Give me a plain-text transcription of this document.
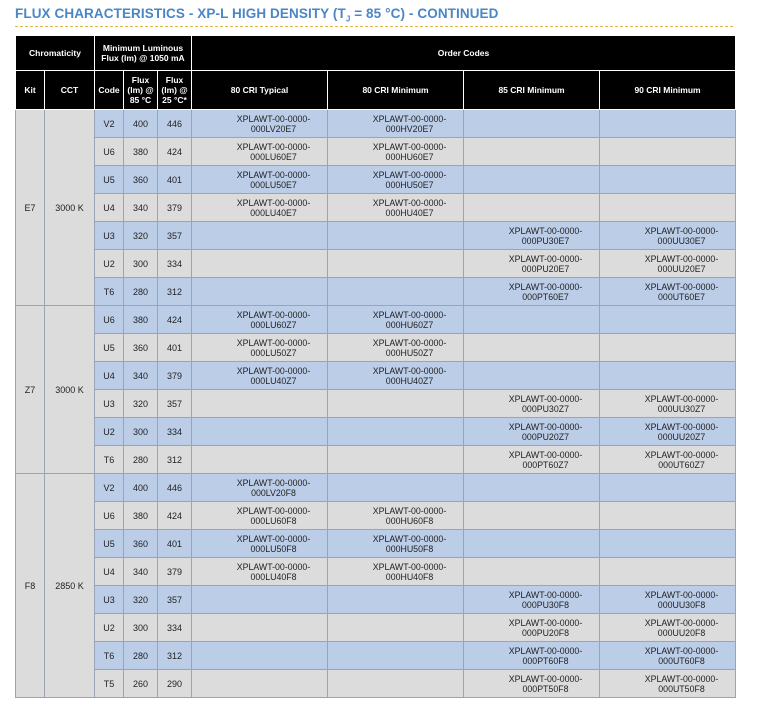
FLUX CHARACTERISTICS - XP-L HIGH DENSITY ($T_J = 85$ °C) - CONTINUED
Chromaticity		Minimum Luminous Flux (lm) @ 1050 mA			Order Codes			
Kit	CCT	Code	Flux (lm) @ 85 °C	Flux (lm) @ 25 °C*	80 CRI Typical	80 CRI Minimum	85 CRI Minimum	90 CRI Minimum
E7	3000 K	V2	400	446	XPLAWT-00-0000-000LV20E7	XPLAWT-00-0000-000HV20E7		

		U6	380	424	XPLAWT-00-0000-000LU60E7	XPLAWT-00-0000-000HU60E7		

		U5	360	401	XPLAWT-00-0000-000LU50E7	XPLAWT-00-0000-000HU50E7		

		U4	340	379	XPLAWT-00-0000-000LU40E7	XPLAWT-00-0000-000HU40E7		

		U3	320	357			XPLAWT-00-0000-000PU30E7	XPLAWT-00-0000-000UU30E7

		U2	300	334			XPLAWT-00-0000-000PU20E7	XPLAWT-00-0000-000UU20E7

		T6	280	312			XPLAWT-00-0000-000PT60E7	XPLAWT-00-0000-000UT60E7

Z7	3000 K	U6	380	424	XPLAWT-00-0000-000LU60Z7	XPLAWT-00-0000-000HU60Z7		

		U5	360	401	XPLAWT-00-0000-000LU50Z7	XPLAWT-00-0000-000HU50Z7		

		U4	340	379	XPLAWT-00-0000-000LU40Z7	XPLAWT-00-0000-000HU40Z7		

		U3	320	357			XPLAWT-00-0000-000PU30Z7	XPLAWT-00-0000-000UU30Z7

		U2	300	334			XPLAWT-00-0000-000PU20Z7	XPLAWT-00-0000-000UU20Z7

		T6	280	312			XPLAWT-00-0000-000PT60Z7	XPLAWT-00-0000-000UT60Z7

F8	2850 K	V2	400	446	XPLAWT-00-0000-000LV20F8			

		U6	380	424	XPLAWT-00-0000-000LU60F8	XPLAWT-00-0000-000HU60F8		

		U5	360	401	XPLAWT-00-0000-000LU50F8	XPLAWT-00-0000-000HU50F8		

		U4	340	379	XPLAWT-00-0000-000LU40F8	XPLAWT-00-0000-000HU40F8		

		U3	320	357			XPLAWT-00-0000-000PU30F8	XPLAWT-00-0000-000UU30F8

		U2	300	334			XPLAWT-00-0000-000PU20F8	XPLAWT-00-0000-000UU20F8

		T6	280	312			XPLAWT-00-0000-000PT60F8	XPLAWT-00-0000-000UT60F8

		T5	260	290			XPLAWT-00-0000-000PT50F8	XPLAWT-00-0000-000UT50F8
